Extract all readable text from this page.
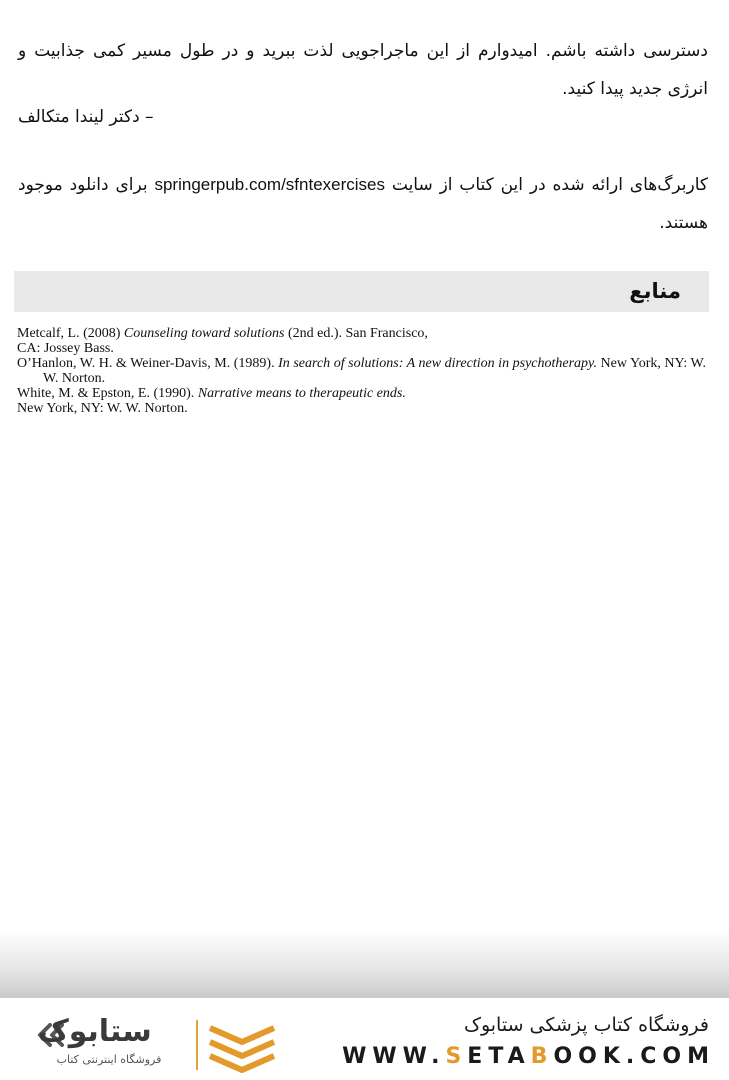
دسترسی داشته باشم. امیدوارم از این ماجراجویی لذت ببرید و در طول مسیر کمی جذابیت و انرژی جدید پیدا کنید.

– دکتر لیندا متکالف

کاربرگ‌های ارائه شده در این کتاب از سایت springerpub.com/sfntexercises برای دانلود موجود هستند.

منابع

Metcalf, L. (2008) Counseling toward solutions (2nd ed.). San Francisco,

CA: Jossey Bass.

O’Hanlon, W. H. & Weiner-Davis, M. (1989). In search of solutions: A new direction in psychotherapy. New York, NY: W. W. Norton.

White, M. & Epston, E. (1990). Narrative means to therapeutic ends.

New York, NY: W. W. Norton.

ستابوک

فروشگاه اینترنتی کتاب

فروشگاه کتاب پزشکی ستابوک

WWW.SETABOOK.COM
